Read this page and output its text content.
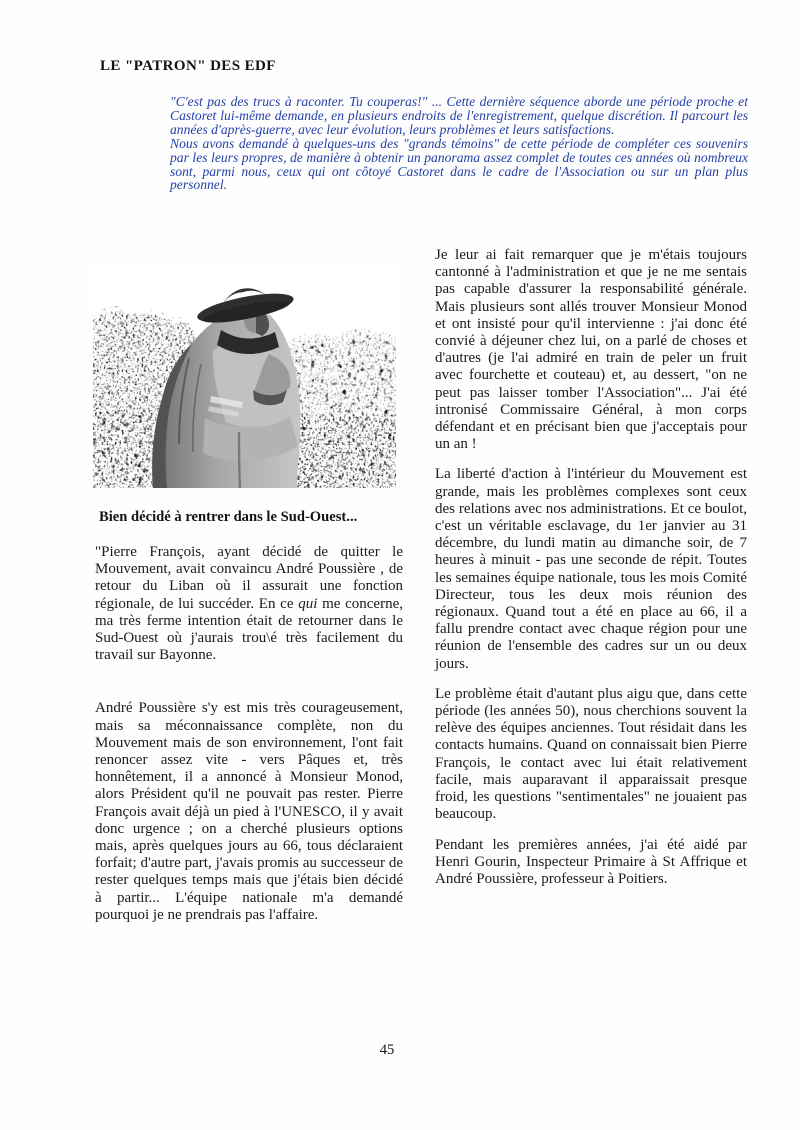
LE "PATRON" DES EDF

"C'est pas des trucs à raconter. Tu couperas!" ... Cette dernière séquence aborde une période proche et Castoret lui-même demande, en plusieurs endroits de l'enregistrement, quelque discrétion. Il parcourt les années d'après-guerre, avec leur évolution, leurs problèmes et leurs satisfactions.

Nous avons demandé à quelques-uns des "grands témoins" de cette période de compléter ces souvenirs par les leurs propres, de manière à obtenir un panorama assez complet de toutes ces années où nombreux sont, parmi nous, ceux qui ont côtoyé Castoret dans le cadre de l'Association ou sur un plan plus personnel.

Bien décidé à rentrer dans le Sud-Ouest...

"Pierre François, ayant décidé de quitter le Mouvement, avait convaincu André Poussière , de retour du Liban où il assurait une fonction régionale, de lui succéder. En ce qui me concerne, ma très ferme intention était de retourner dans le Sud-Ouest où j'aurais trou\é très facilement du travail sur Bayonne.

André Poussière s'y est mis très courageusement, mais sa méconnaissance complète, non du Mouvement mais de son environnement, l'ont fait renoncer assez vite - vers Pâques et, très honnêtement, il a annoncé à Monsieur Monod, alors Président qu'il ne pouvait pas rester. Pierre François avait déjà un pied à l'UNESCO, il y avait donc urgence ; on a cherché plusieurs options mais, après quelques jours au 66, tous déclaraient forfait; d'autre part, j'avais promis au successeur de rester quelques temps mais que j'étais bien décidé à partir... L'équipe nationale m'a demandé pourquoi je ne prendrais pas l'affaire.

Je leur ai fait remarquer que je m'étais toujours cantonné à l'administration et que je ne me sentais pas capable d'assurer la responsabilité générale. Mais plusieurs sont allés trouver Monsieur Monod et ont insisté pour qu'il intervienne : j'ai donc été convié à déjeuner chez lui, on a parlé de choses et d'autres (je l'ai admiré en train de peler un fruit avec fourchette et couteau) et, au dessert, "on ne peut pas laisser tomber l'Association"... J'ai été intronisé Commissaire Général, à mon corps défendant et en précisant bien que j'acceptais pour un an !

La liberté d'action à l'intérieur du Mouvement est grande, mais les problèmes complexes sont ceux des relations avec nos administrations. Et ce boulot, c'est un véritable esclavage, du 1er janvier au 31 décembre, du lundi matin au dimanche soir, de 7 heures à minuit - pas une seconde de répit. Toutes les semaines équipe nationale, tous les mois Comité Directeur, tous les deux mois réunion des régionaux. Quand tout a été en place au 66, il a fallu prendre contact avec chaque région pour une réunion de l'ensemble des cadres sur un ou deux jours.

Le problème était d'autant plus aigu que, dans cette période (les années 50), nous cherchions souvent la relève des équipes anciennes. Tout résidait dans les contacts humains. Quand on connaissait bien Pierre François, le contact avec lui était relativement facile, mais auparavant il apparaissait presque froid, les questions "sentimentales" ne jouaient pas beaucoup.

Pendant les premières années, j'ai été aidé par Henri Gourin, Inspecteur Primaire à St Affrique et André Poussière, professeur à Poitiers.

45
